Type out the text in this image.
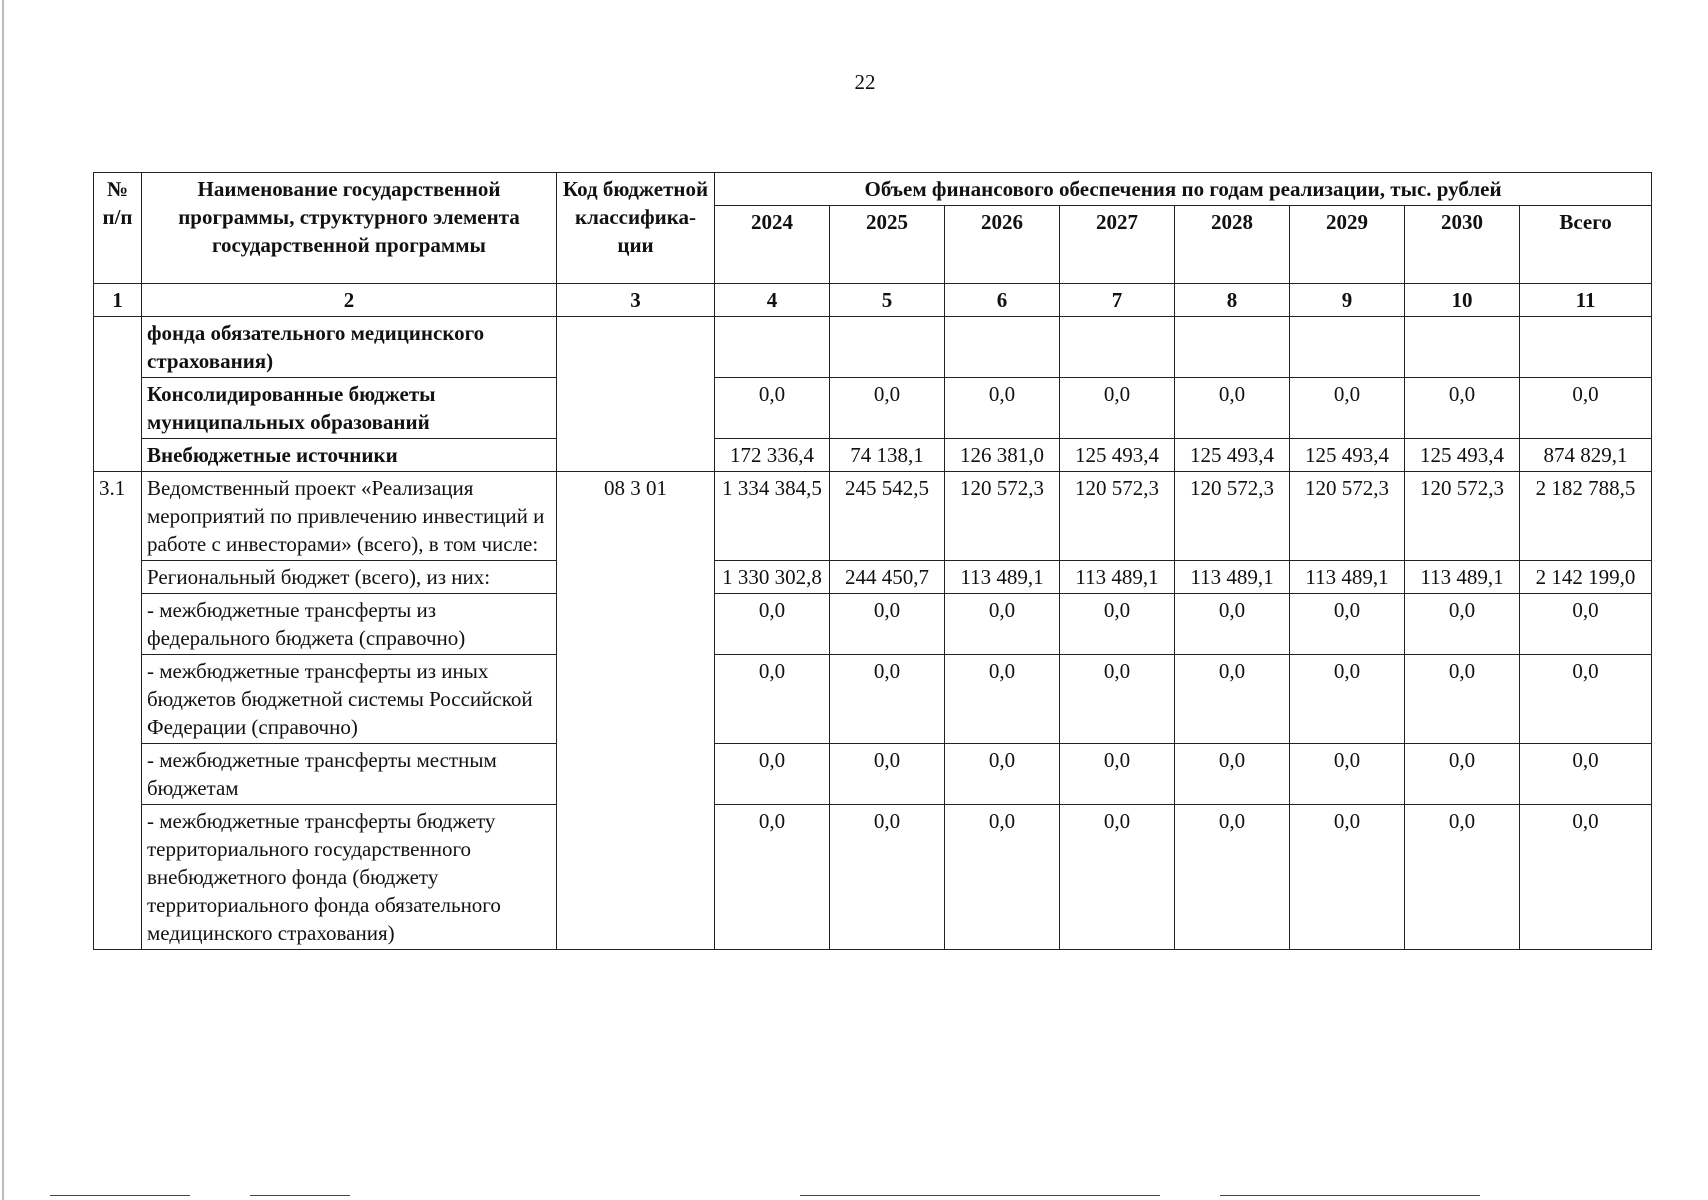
22
№ п/п	Наименование государственной программы, структурного элемента государственной программы	Код бюджетной классифика-ции	Объем финансового обеспечения по годам реализации, тыс. рублей							
			2024	2025	2026	2027	2028	2029	2030	Всего
1	2	3	4	5	6	7	8	9	10	11
	фонда обязательного медицинского страхования)									
	Консолидированные бюджеты муниципальных образований		0,0	0,0	0,0	0,0	0,0	0,0	0,0	0,0
	Внебюджетные источники		172 336,4	74 138,1	126 381,0	125 493,4	125 493,4	125 493,4	125 493,4	874 829,1
3.1	Ведомственный проект «Реализация мероприятий по привлечению инвестиций и работе с инвесторами» (всего), в том числе:	08 3 01	1 334 384,5	245 542,5	120 572,3	120 572,3	120 572,3	120 572,3	120 572,3	2 182 788,5
	Региональный бюджет (всего), из них:		1 330 302,8	244 450,7	113 489,1	113 489,1	113 489,1	113 489,1	113 489,1	2 142 199,0
	- межбюджетные трансферты из федерального бюджета (справочно)		0,0	0,0	0,0	0,0	0,0	0,0	0,0	0,0
	- межбюджетные трансферты из иных бюджетов бюджетной системы Российской Федерации (справочно)		0,0	0,0	0,0	0,0	0,0	0,0	0,0	0,0
	- межбюджетные трансферты местным бюджетам		0,0	0,0	0,0	0,0	0,0	0,0	0,0	0,0
	- межбюджетные трансферты бюджету территориального государственного внебюджетного фонда (бюджету территориального фонда обязательного медицинского страхования)		0,0	0,0	0,0	0,0	0,0	0,0	0,0	0,0
